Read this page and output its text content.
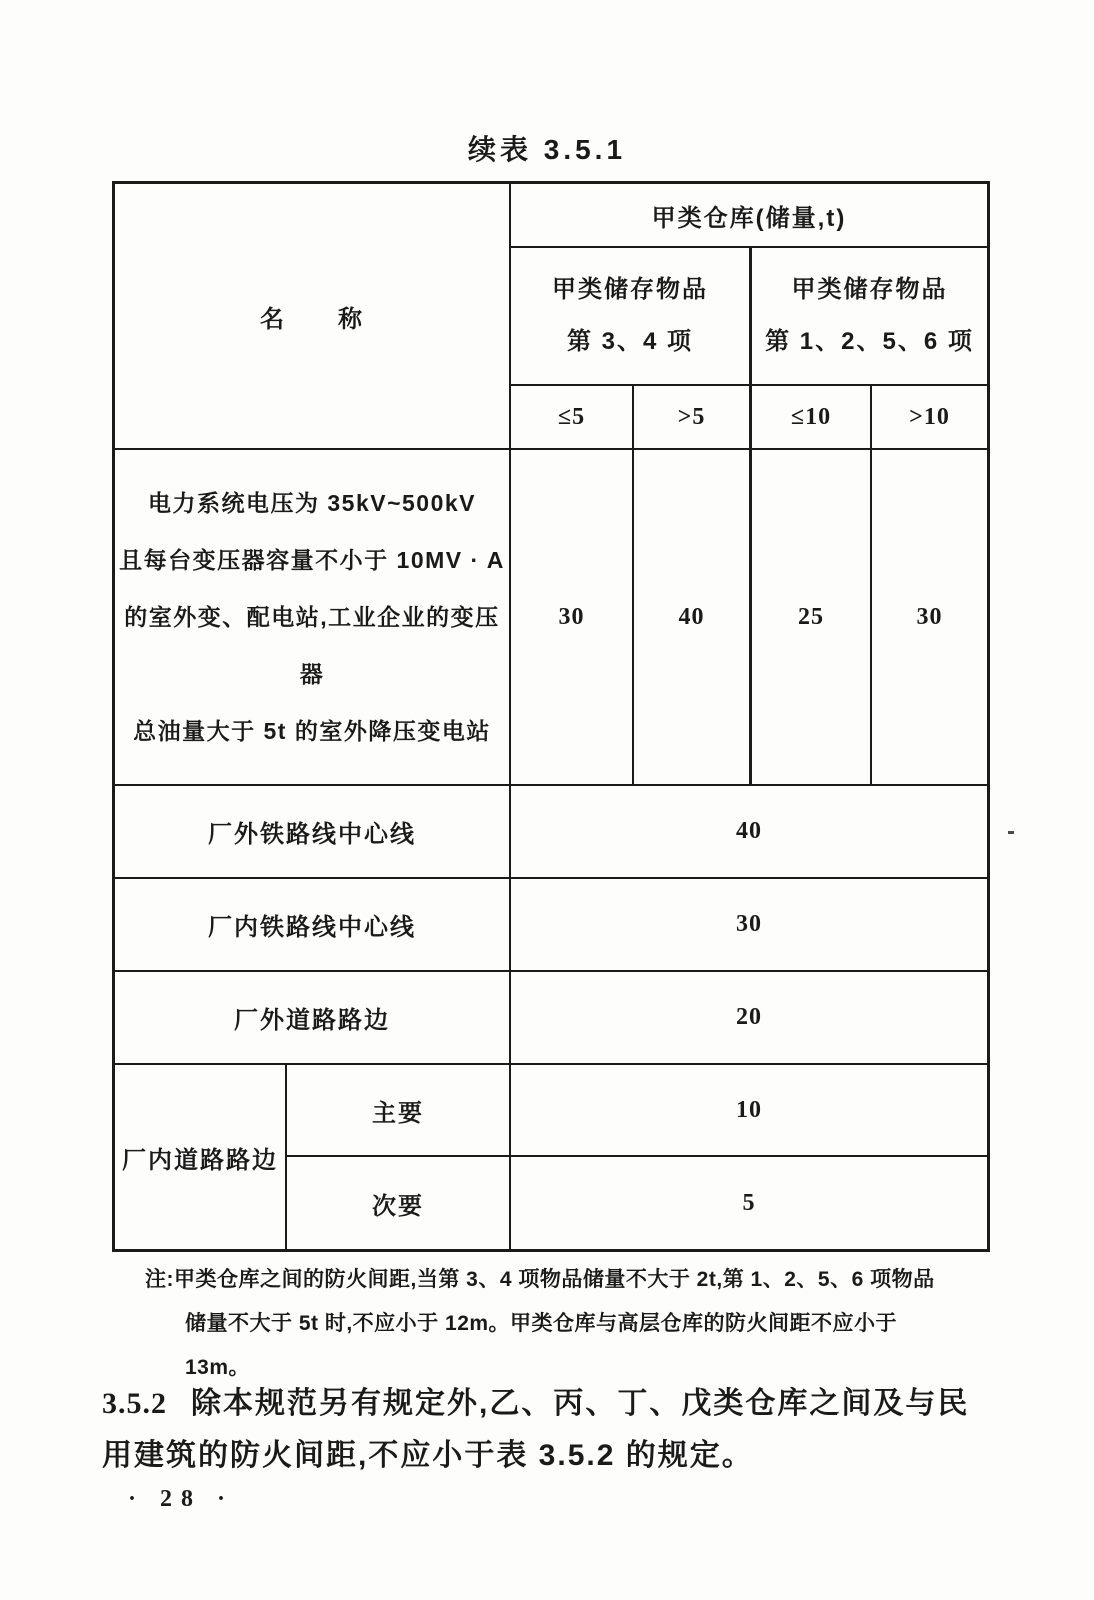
续表 3.5.1
名　　称
甲类仓库(储量,t)
甲类储存物品
第 3、4 项
甲类储存物品
第 1、2、5、6 项
≤5	>5	≤10	>10
电力系统电压为 35kV~500kV
且每台变压器容量不小于 10MV · A
的室外变、配电站,工业企业的变压器
总油量大于 5t 的室外降压变电站
30	40	25	30
厂外铁路线中心线	40
厂内铁路线中心线	30
厂外道路路边	20
厂内道路路边
主要	10
次要	5
注:甲类仓库之间的防火间距,当第 3、4 项物品储量不大于 2t,第 1、2、5、6 项物品
储量不大于 5t 时,不应小于 12m。甲类仓库与高层仓库的防火间距不应小于
13m。
3.5.2 除本规范另有规定外,乙、丙、丁、戊类仓库之间及与民
用建筑的防火间距,不应小于表 3.5.2 的规定。
· 28 ·
